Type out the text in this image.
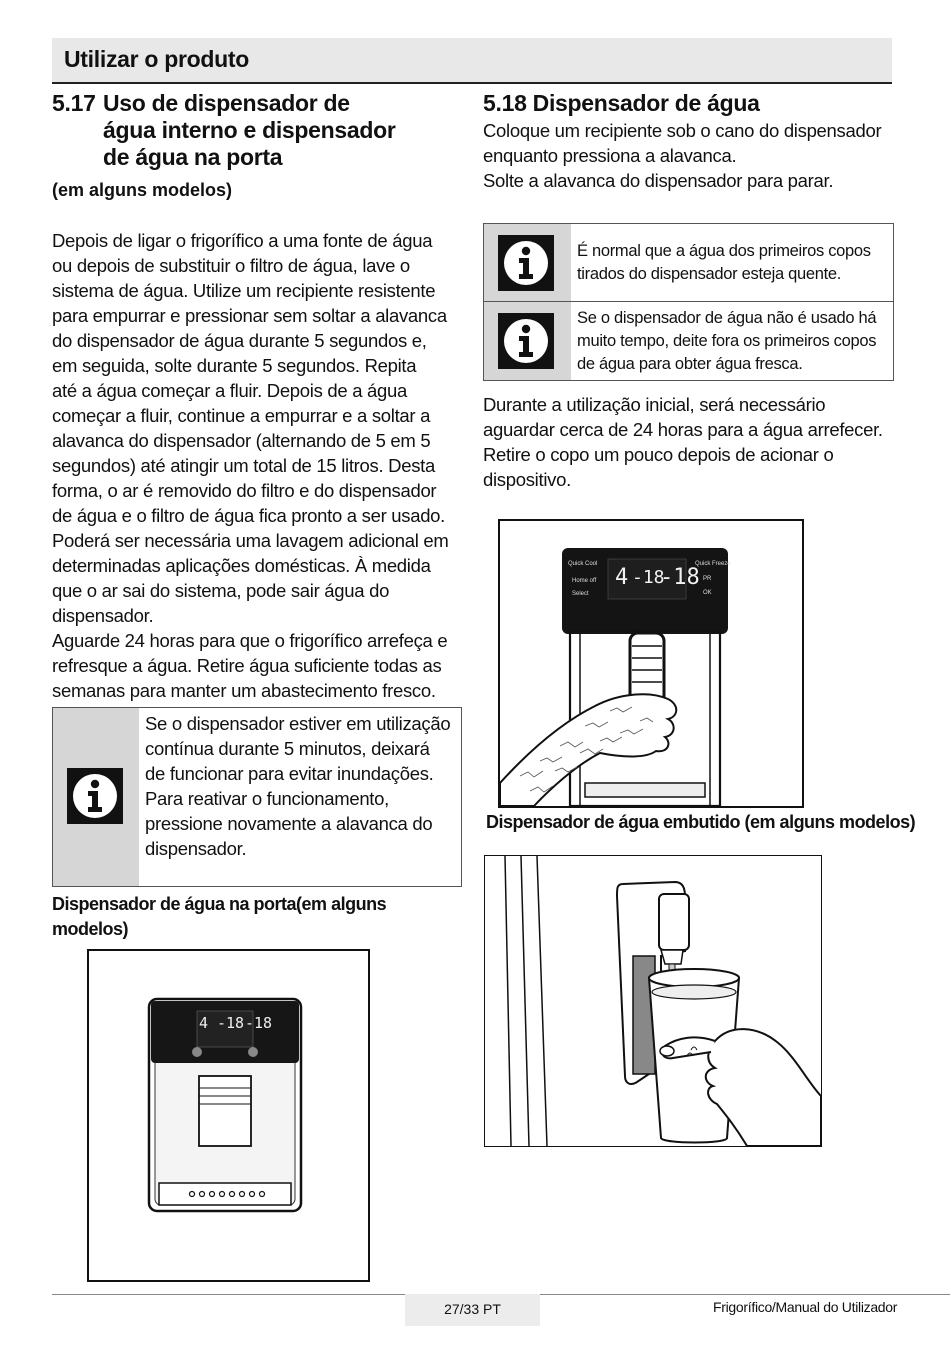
Utilizar o produto
5.17 Uso de dispensador de
água interno e dispensador
de água na porta
(em alguns modelos)
Depois de ligar o frigorífico a uma fonte de água
ou depois de substituir o filtro de água, lave o
sistema de água. Utilize um recipiente resistente
para empurrar e pressionar sem soltar a alavanca
do dispensador de água durante 5 segundos e,
em seguida, solte durante 5 segundos. Repita
até a água começar a fluir. Depois de a água
começar a fluir, continue a empurrar e a soltar a
alavanca do dispensador (alternando de 5 em 5
segundos) até atingir um total de 15 litros. Desta
forma, o ar é removido do filtro e do dispensador
de água e o filtro de água fica pronto a ser usado.
Poderá ser necessária uma lavagem adicional em
determinadas aplicações domésticas. À medida
que o ar sai do sistema, pode sair água do
dispensador.
Aguarde 24 horas para que o frigorífico arrefeça e
refresque a água. Retire água suficiente todas as
semanas para manter um abastecimento fresco.
Se o dispensador estiver em utilização
contínua durante 5 minutos, deixará
de funcionar para evitar inundações.
Para reativar o funcionamento,
pressione novamente a alavanca do
dispensador.
Dispensador de água na porta(em alguns
modelos)
4 -18 -18
5.18 Dispensador de água
Coloque um recipiente sob o cano do dispensador
enquanto pressiona a alavanca.
Solte a alavanca do dispensador para parar.
É normal que a água dos primeiros copos
tirados do dispensador esteja quente.
Se o dispensador de água não é usado há
muito tempo, deite fora os primeiros copos
de água para obter água fresca.
Durante a utilização inicial, será necessário
aguardar cerca de 24 horas para a água arrefecer.
Retire o copo um pouco depois de acionar o
dispositivo.
Quick Cool
Home off
Select
Quick Freeze
PR
OK
4 -18
-18
Dispensador de água embutido (em alguns modelos)
27/33 PT	Frigorífico/Manual do Utilizador
